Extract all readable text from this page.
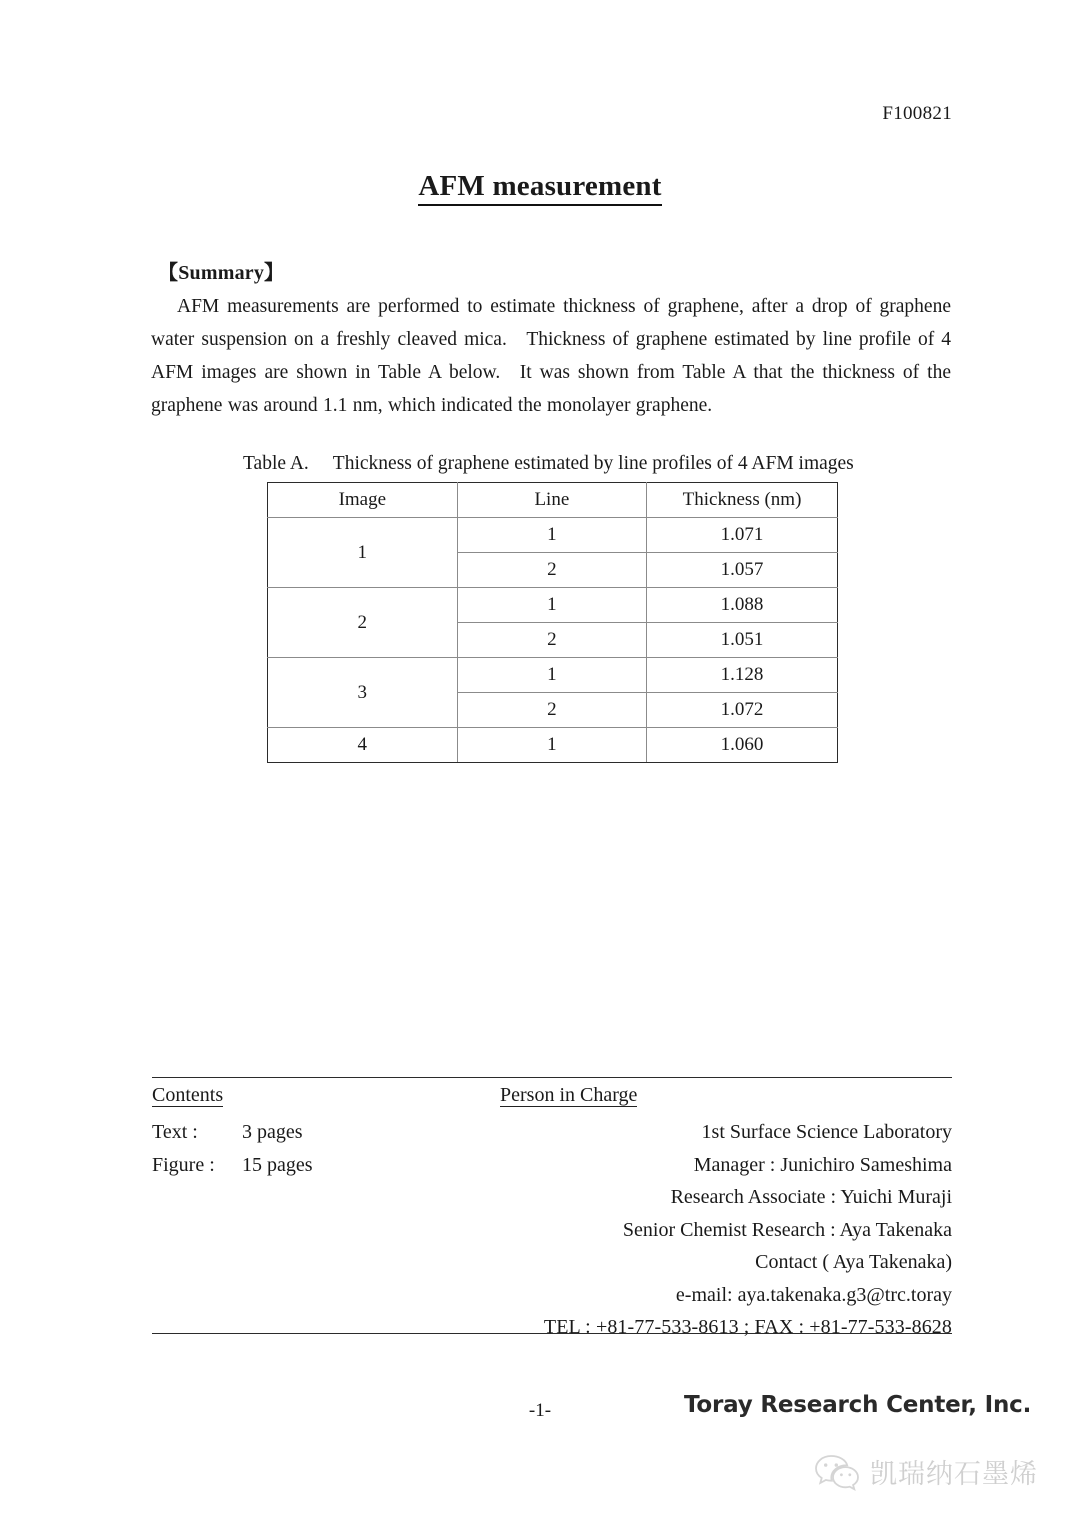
F100821
AFM measurement
【Summary】
AFM measurements are performed to estimate thickness of graphene, after a drop of graphene water suspension on a freshly cleaved mica. Thickness of graphene estimated by line profile of 4 AFM images are shown in Table A below. It was shown from Table A that the thickness of the graphene was around 1.1 nm, which indicated the monolayer graphene.
Table A.  Thickness of graphene estimated by line profiles of 4 AFM images
Image	Line	Thickness (nm)
1	1	1.071
	2	1.057
2	1	1.088
	2	1.051
3	1	1.128
	2	1.072
4	1	1.060
Contents	Person in Charge
Text :	3 pages
Figure :	15 pages
1st Surface Science Laboratory
Manager : Junichiro Sameshima
Research Associate : Yuichi Muraji
Senior Chemist Research : Aya Takenaka
Contact ( Aya Takenaka)
e-mail: aya.takenaka.g3@trc.toray
TEL : +81-77-533-8613 ; FAX : +81-77-533-8628
-1-	Toray Research Center, Inc.
凯瑞纳石墨烯
